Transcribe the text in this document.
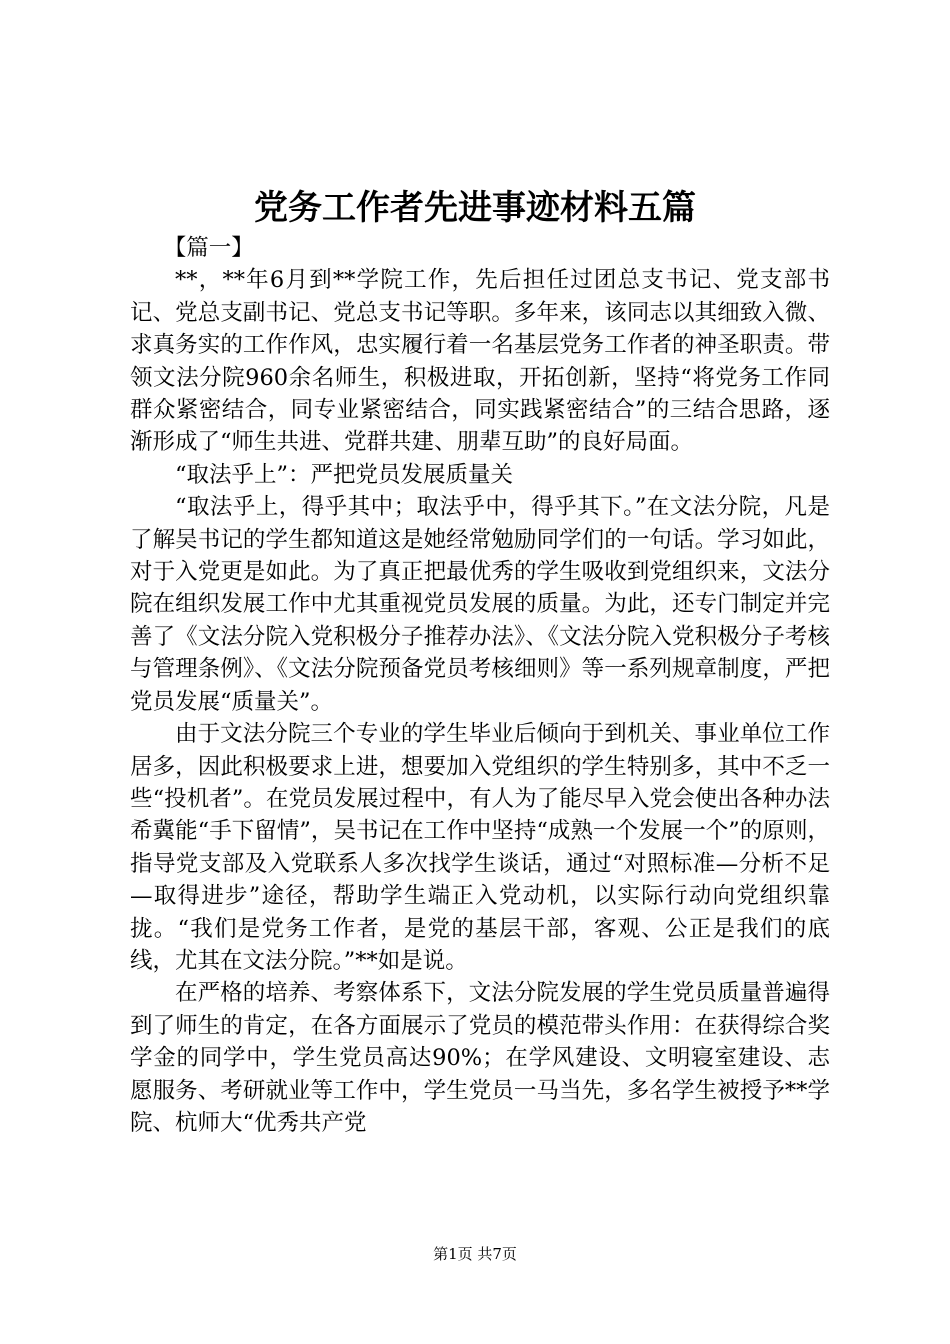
党务工作者先进事迹材料五篇

【篇一】

**，**年6月到**学院工作，先后担任过团总支书记、党支部书记、党总支副书记、党总支书记等职。多年来，该同志以其细致入微、求真务实的工作作风，忠实履行着一名基层党务工作者的神圣职责。带领文法分院960余名师生，积极进取，开拓创新，坚持“将党务工作同群众紧密结合，同专业紧密结合，同实践紧密结合”的三结合思路，逐渐形成了“师生共进、党群共建、朋辈互助”的良好局面。

“取法乎上”：严把党员发展质量关

“取法乎上，得乎其中；取法乎中，得乎其下。”在文法分院，凡是了解吴书记的学生都知道这是她经常勉励同学们的一句话。学习如此，对于入党更是如此。为了真正把最优秀的学生吸收到党组织来，文法分院在组织发展工作中尤其重视党员发展的质量。为此，还专门制定并完善了《文法分院入党积极分子推荐办法》、《文法分院入党积极分子考核与管理条例》、《文法分院预备党员考核细则》等一系列规章制度，严把党员发展“质量关”。

由于文法分院三个专业的学生毕业后倾向于到机关、事业单位工作居多，因此积极要求上进，想要加入党组织的学生特别多，其中不乏一些“投机者”。在党员发展过程中，有人为了能尽早入党会使出各种办法希冀能“手下留情”，吴书记在工作中坚持“成熟一个发展一个”的原则，指导党支部及入党联系人多次找学生谈话，通过“对照标准—分析不足—取得进步”途径，帮助学生端正入党动机，以实际行动向党组织靠拢。“我们是党务工作者，是党的基层干部，客观、公正是我们的底线，尤其在文法分院。”**如是说。

在严格的培养、考察体系下，文法分院发展的学生党员质量普遍得到了师生的肯定，在各方面展示了党员的模范带头作用：在获得综合奖学金的同学中，学生党员高达90%；在学风建设、文明寝室建设、志愿服务、考研就业等工作中，学生党员一马当先，多名学生被授予**学院、杭师大“优秀共产党

第1页 共7页
